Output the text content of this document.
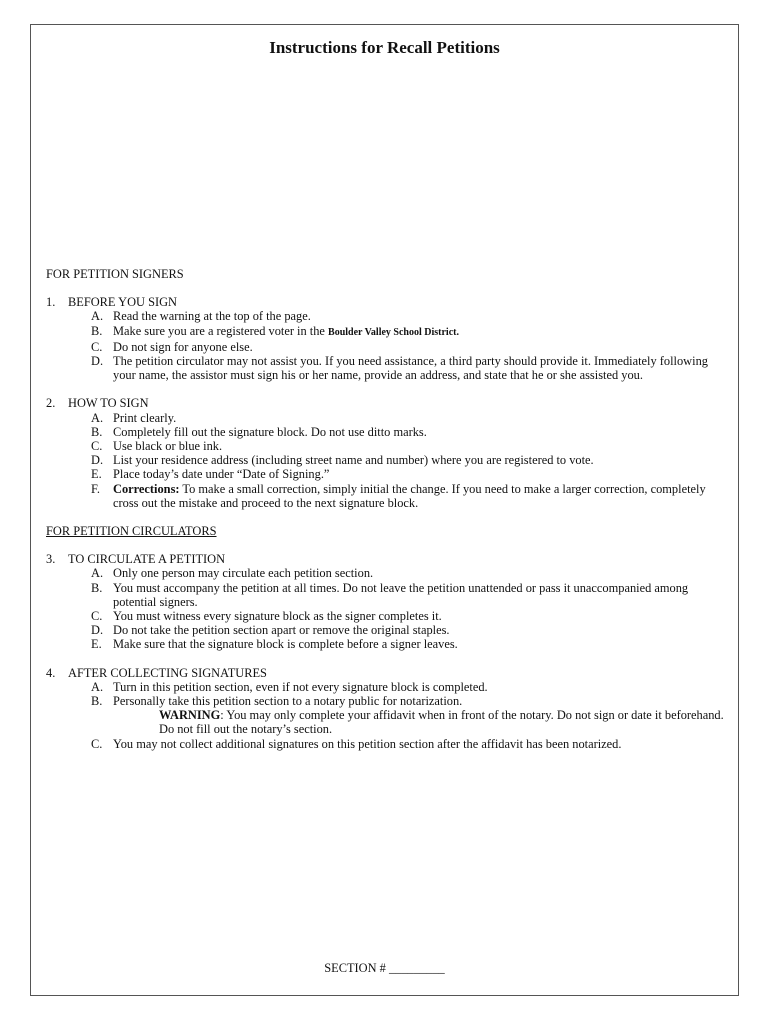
Instructions for Recall Petitions

FOR PETITION SIGNERS

1.	BEFORE YOU SIGN
A. Read the warning at the top of the page.
B. Make sure you are a registered voter in the Boulder Valley School District.
C. Do not sign for anyone else.
D. The petition circulator may not assist you. If you need assistance, a third party should provide it. Immediately following your name, the assistor must sign his or her name, provide an address, and state that he or she assisted you.
2.	HOW TO SIGN
A. Print clearly.
B. Completely fill out the signature block. Do not use ditto marks.
C. Use black or blue ink.
D. List your residence address (including street name and number) where you are registered to vote.
E. Place today’s date under “Date of Signing.”
F.	Corrections: To make a small correction, simply initial the change. If you need to make a larger correction, completely cross out the mistake and proceed to the next signature block.

FOR PETITION CIRCULATORS

3.	TO CIRCULATE A PETITION
A. Only one person may circulate each petition section.
B. You must accompany the petition at all times. Do not leave the petition unattended or pass it unaccompanied among potential signers.
C. You must witness every signature block as the signer completes it.
D. Do not take the petition section apart or remove the original staples.
E. Make sure that the signature block is complete before a signer leaves.
4.	AFTER COLLECTING SIGNATURES
A. Turn in this petition section, even if not every signature block is completed.
B. Personally take this petition section to a notary public for notarization.
WARNING: You may only complete your affidavit when in front of the notary. Do not sign or date it beforehand. Do not fill out the notary’s section.
C. You may not collect additional signatures on this petition section after the affidavit has been notarized.
SECTION # _________
